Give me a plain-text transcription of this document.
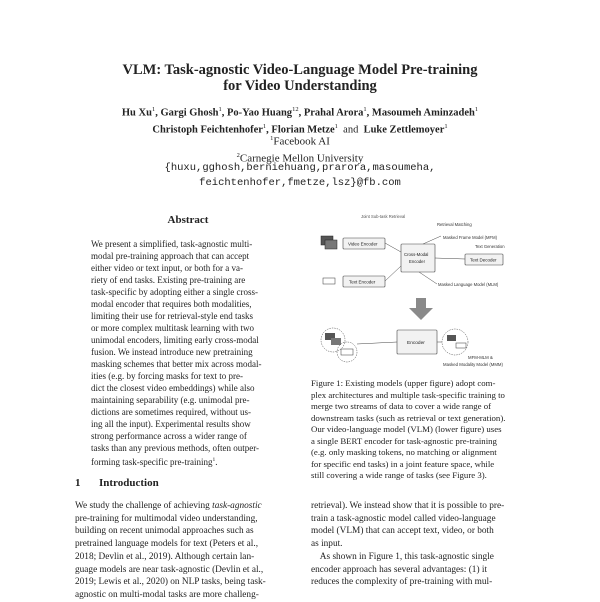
VLM: Task-agnostic Video-Language Model Pre-training
for Video Understanding
Hu Xu$^1$, Gargi Ghosh$^1$, Po-Yao Huang$^{12}$, Prahal Arora$^1$, Masoumeh Aminzadeh$^1$
Christoph Feichtenhofer$^1$, Florian Metze$^1$ and Luke Zettlemoyer$^1$
$^1$Facebook AI
$^2$Carnegie Mellon University
{huxu,gghosh,berniehuang,prarora,masoumeha,
feichtenhofer,fmetze,lsz}@fb.com
Abstract
We present a simplified, task-agnostic multi-
modal pre-training approach that can accept
either video or text input, or both for a va-
riety of end tasks. Existing pre-training are
task-specific by adopting either a single cross-
modal encoder that requires both modalities,
limiting their use for retrieval-style end tasks
or more complex multitask learning with two
unimodal encoders, limiting early cross-modal
fusion. We instead introduce new pretraining
masking schemes that better mix across modal-
ities (e.g. by forcing masks for text to pre-
dict the closest video embeddings) while also
maintaining separability (e.g. unimodal pre-
dictions are sometimes required, without us-
ing all the input). Experimental results show
strong performance across a wider range of
tasks than any previous methods, often outper-
forming task-specific pre-training$^1$.
Joint Sub-task Retrieval
Retrieval Matching
Video Encoder
Cross-Modal
Encoder
Text Encoder
Masked Frame Model (MFM)
Text Generation
Text Decoder
Masked Language Model (MLM)
Encoder
MFM-MLM &
Masked Modality Model (MMM)
Figure 1: Existing models (upper figure) adopt com-
plex architectures and multiple task-specific training to
merge two streams of data to cover a wide range of
downstream tasks (such as retrieval or text generation).
Our video-language model (VLM) (lower figure) uses
a single BERT encoder for task-agnostic pre-training
(e.g. only masking tokens, no matching or alignment
for specific end tasks) in a joint feature space, while
still covering a wide range of tasks (see Figure 3).
1 Introduction
We study the challenge of achieving task-agnostic
pre-training for multimodal video understanding,
building on recent unimodal approaches such as
pretrained language models for text (Peters et al.,
2018; Devlin et al., 2019). Although certain lan-
guage models are near task-agnostic (Devlin et al.,
2019; Lewis et al., 2020) on NLP tasks, being task-
agnostic on multi-modal tasks are more challeng-
retrieval). We instead show that it is possible to pre-
train a task-agnostic model called video-language
model (VLM) that can accept text, video, or both
as input.
As shown in Figure 1, this task-agnostic single
encoder approach has several advantages: (1) it
reduces the complexity of pre-training with mul-
